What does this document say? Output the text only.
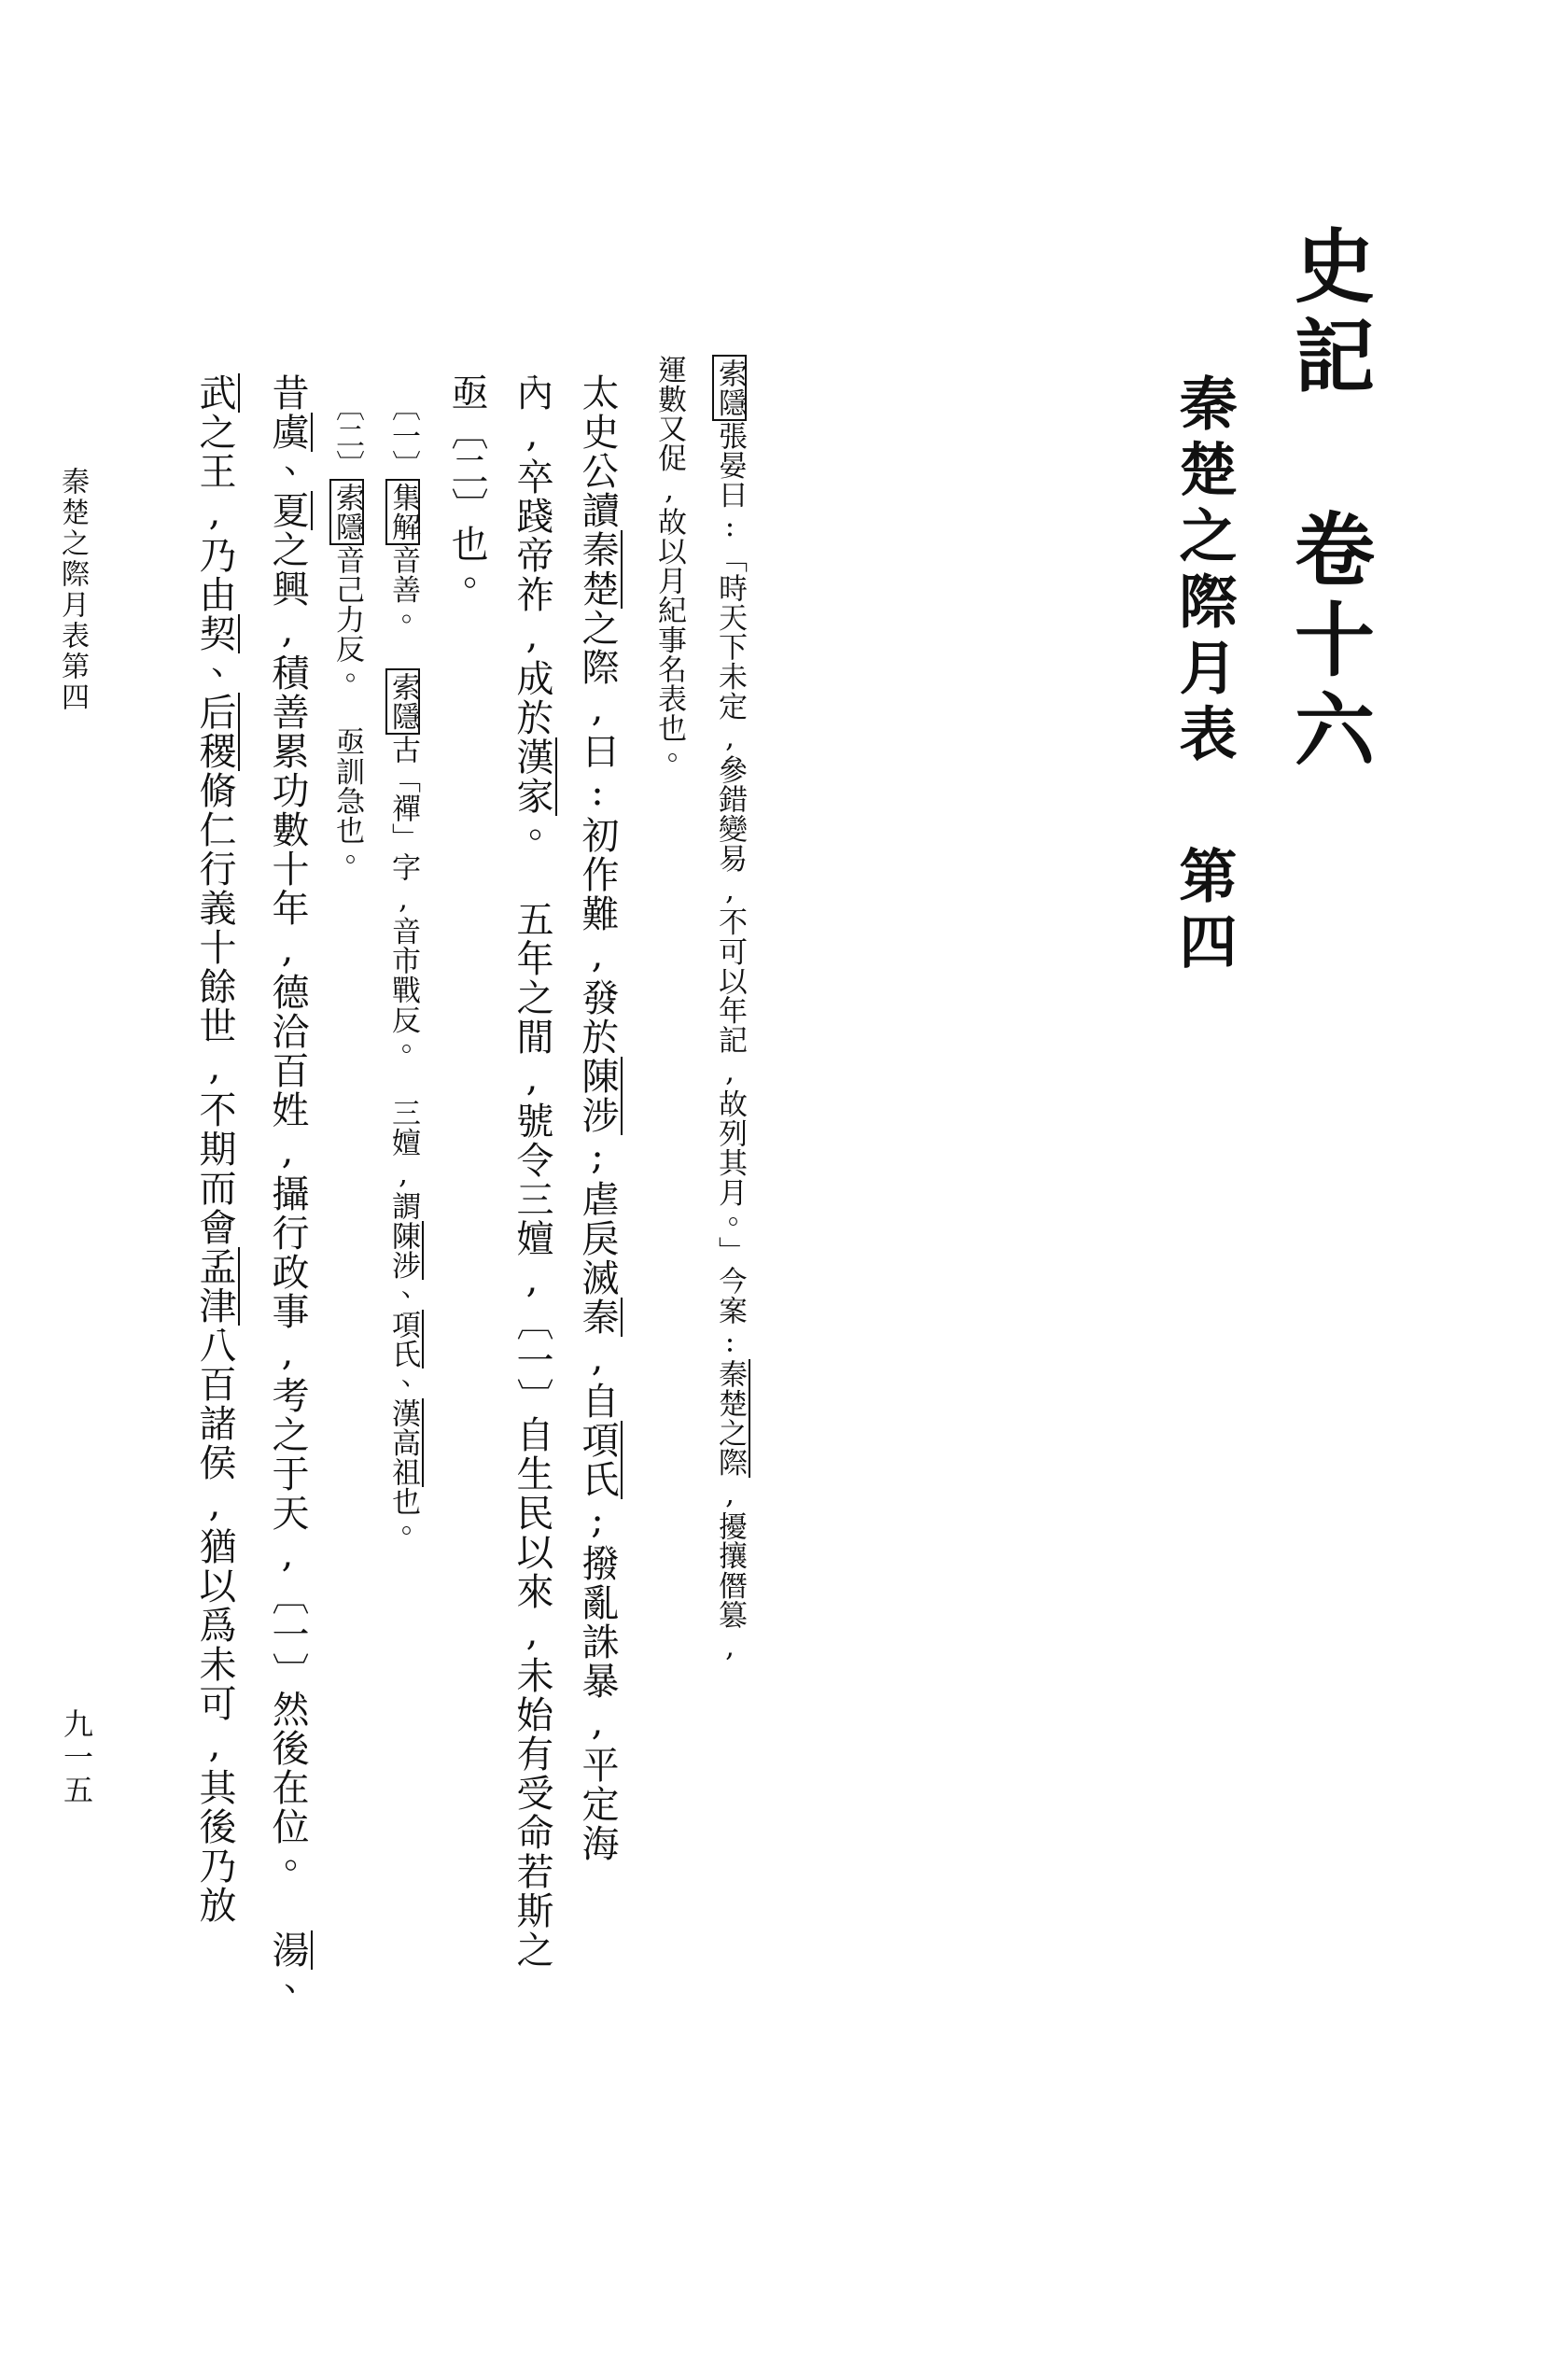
史記 卷十六
秦楚之際月表 第四
索隱張晏曰:「時天下未定,參錯變易,不可以年記,故列其月。」今案:秦楚之際,擾攘僭篡,
運數又促,故以月紀事名表也。
太史公讀秦楚之際,曰:初作難,發於陳涉;虐戾滅秦,自項氏;撥亂誅暴,平定海
內,卒踐帝祚,成於漢家。 五年之閒,號令三嬗,〔一〕自生民以來,未始有受命若斯之
亟〔二〕也。
〔一〕集解音善。 索隱古「禪」字,音市戰反。 三嬗,謂陳涉、項氏、漢高祖也。
〔二〕索隱音己力反。 亟訓急也。
昔虞、夏之興,積善累功數十年,德洽百姓,攝行政事,考之于天,〔一〕然後在位。 湯、
武之王,乃由契、后稷脩仁行義十餘世,不期而會孟津八百諸侯,猶以爲未可,其後乃放
秦楚之際月表第四
九一五
